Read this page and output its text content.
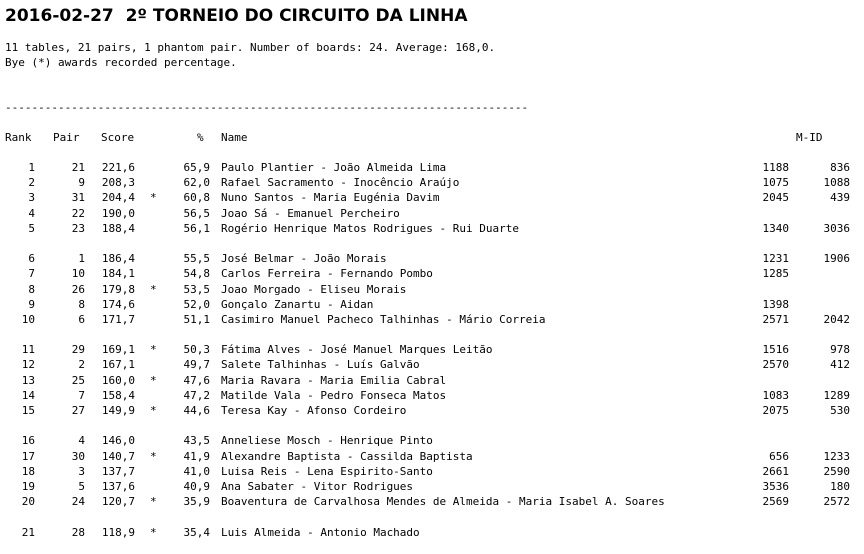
2016-02-27  2º TORNEIO DO CIRCUITO DA LINHA
11 tables, 21 pairs, 1 phantom pair. Number of boards: 24. Average: 168,0.
Bye (*) awards recorded percentage.
-------------------------------------------------------------------------------
Rank Pair Score	% Name	M-ID
1	21 221,6	65,9 Paulo Plantier - João Almeida Lima	1188	836
2	9 208,3	62,0 Rafael Sacramento - Inocêncio Araújo	1075	1088
3	31 204,4 * 60,8 Nuno Santos - Maria Eugénia Davim	2045	439
4	22 190,0	56,5 Joao Sá - Emanuel Percheiro
5	23 188,4	56,1 Rogério Henrique Matos Rodrigues - Rui Duarte	1340	3036
6	1 186,4	55,5 José Belmar - João Morais	1231	1906
7	10 184,1	54,8 Carlos Ferreira - Fernando Pombo	1285
8	26 179,8 * 53,5 Joao Morgado - Eliseu Morais
9	8 174,6	52,0 Gonçalo Zanartu - Aidan	1398
10	6 171,7	51,1 Casimiro Manuel Pacheco Talhinhas - Mário Correia	2571	2042
11	29 169,1 * 50,3 Fátima Alves - José Manuel Marques Leitão	1516	978
12	2 167,1	49,7 Salete Talhinhas - Luís Galvão	2570	412
13	25 160,0 * 47,6 Maria Ravara - Maria Emilia Cabral
14	7 158,4	47,2 Matilde Vala - Pedro Fonseca Matos	1083	1289
15	27 149,9 * 44,6 Teresa Kay - Afonso Cordeiro	2075	530
16	4 146,0	43,5 Anneliese Mosch - Henrique Pinto
17	30 140,7 * 41,9 Alexandre Baptista - Cassilda Baptista	656	1233
18	3 137,7	41,0 Luisa Reis - Lena Espirito-Santo	2661	2590
19	5 137,6	40,9 Ana Sabater - Vitor Rodrigues	3536	180
20	24 120,7 * 35,9 Boaventura de Carvalhosa Mendes de Almeida - Maria Isabel A. Soares	2569	2572
21	28 118,9 * 35,4 Luis Almeida - Antonio Machado
